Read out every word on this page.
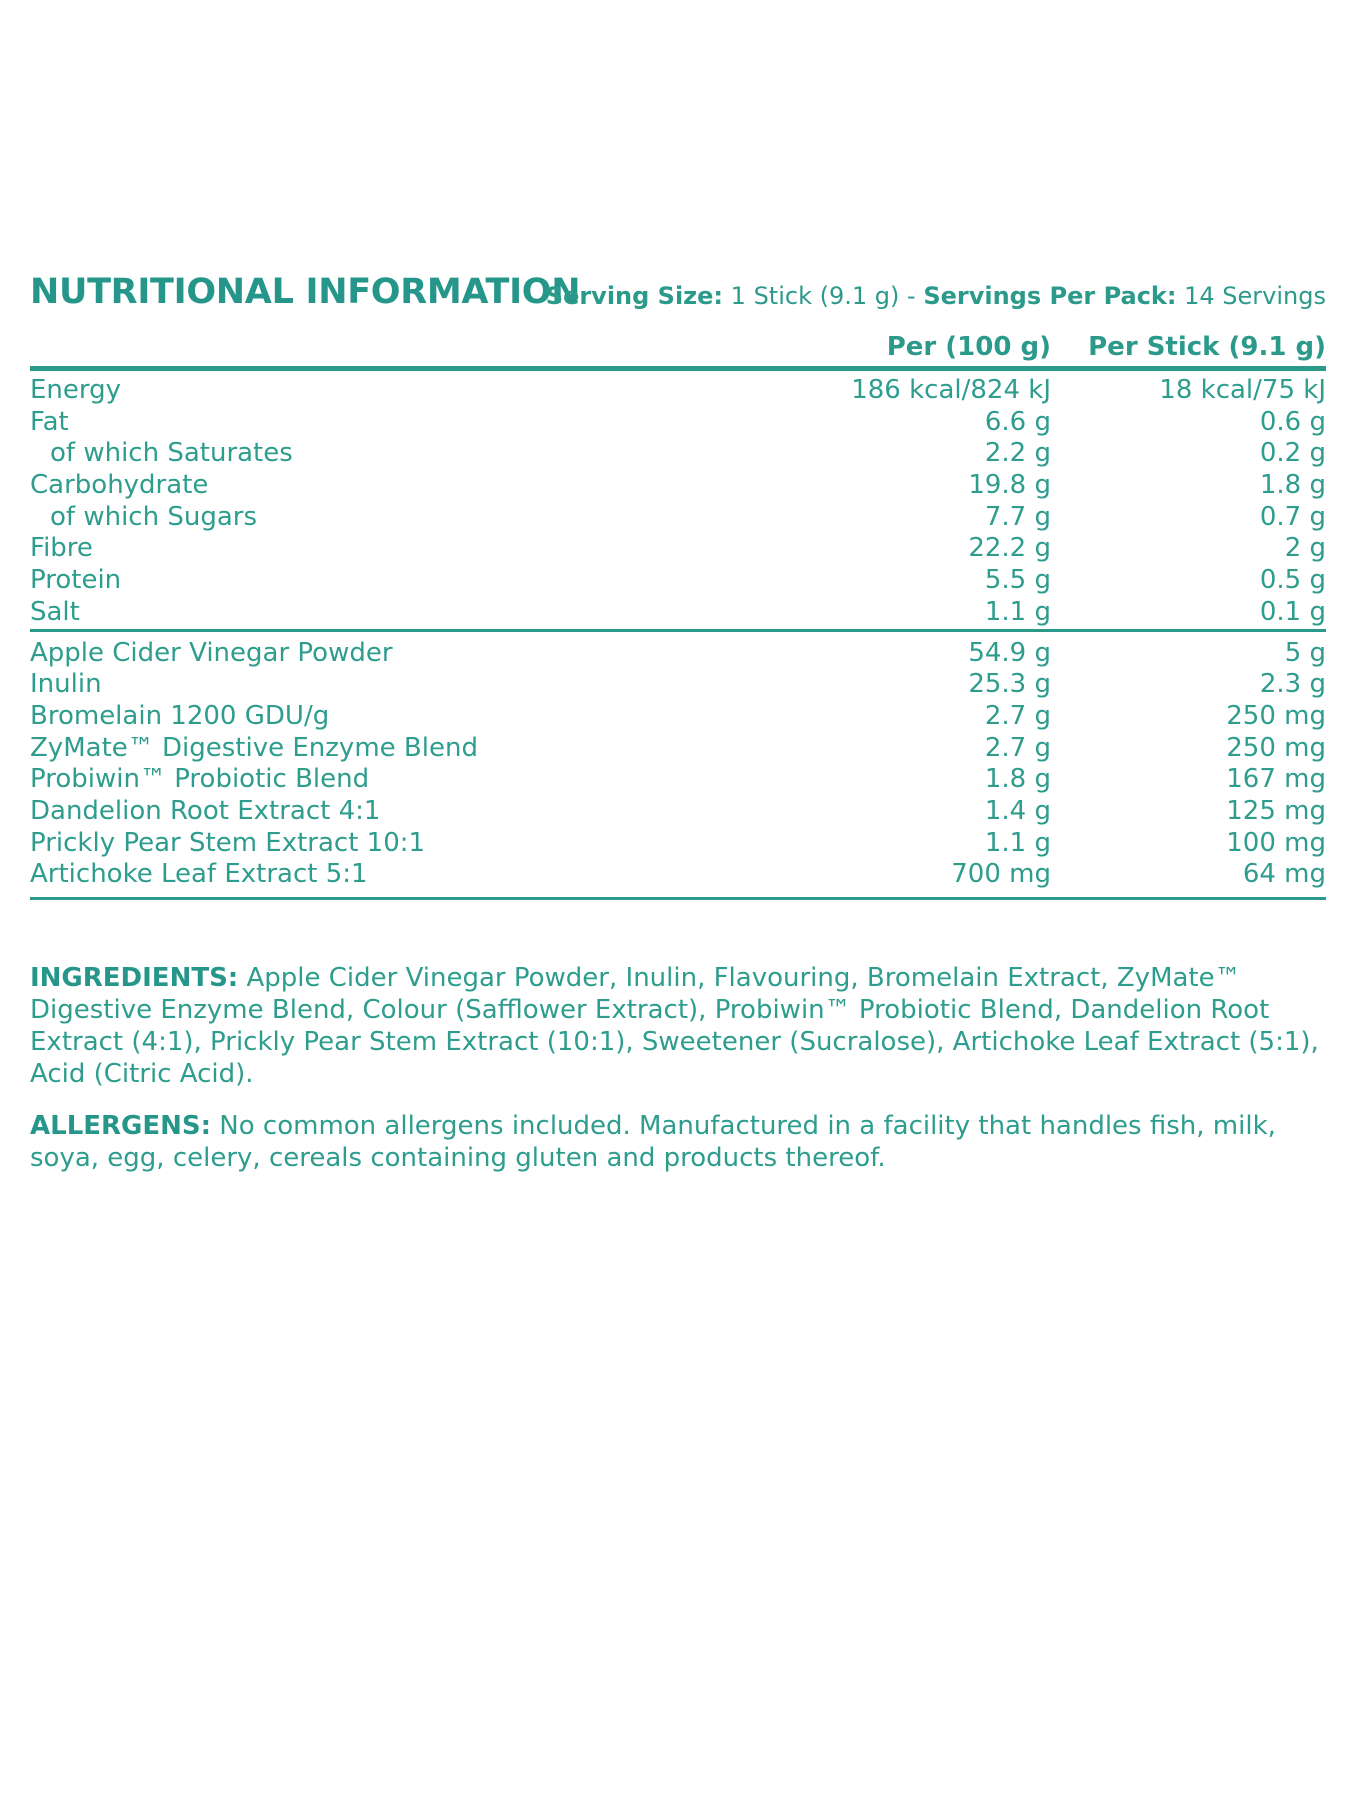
NUTRITIONAL INFORMATION
Serving Size: 1 Stick (9.1 g) - Servings Per Pack: 14 Servings
Per (100 g) Per Stick (9.1 g)
Energy	186 kcal/824 kJ	18 kcal/75 kJ
Fat	6.6 g	0.6 g
of which Saturates	2.2 g	0.2 g
Carbohydrate	19.8 g	1.8 g
of which Sugars	7.7 g	0.7 g
Fibre	22.2 g	2 g
Protein	5.5 g	0.5 g
Salt	1.1 g	0.1 g
Apple Cider Vinegar Powder	54.9 g	5 g
Inulin	25.3 g	2.3 g
Bromelain 1200 GDU/g	2.7 g	250 mg
ZyMate™ Digestive Enzyme Blend	2.7 g	250 mg
Probiwin™ Probiotic Blend	1.8 g	167 mg
Dandelion Root Extract 4:1	1.4 g	125 mg
Prickly Pear Stem Extract 10:1	1.1 g	100 mg
Artichoke Leaf Extract 5:1	700 mg	64 mg

INGREDIENTS: Apple Cider Vinegar Powder, Inulin, Flavouring, Bromelain Extract, ZyMate™ Digestive Enzyme Blend, Colour (Safflower Extract), Probiwin™ Probiotic Blend, Dandelion Root Extract (4:1), Prickly Pear Stem Extract (10:1), Sweetener (Sucralose), Artichoke Leaf Extract (5:1), Acid (Citric Acid).

ALLERGENS: No common allergens included. Manufactured in a facility that handles fish, milk, soya, egg, celery, cereals containing gluten and products thereof.
